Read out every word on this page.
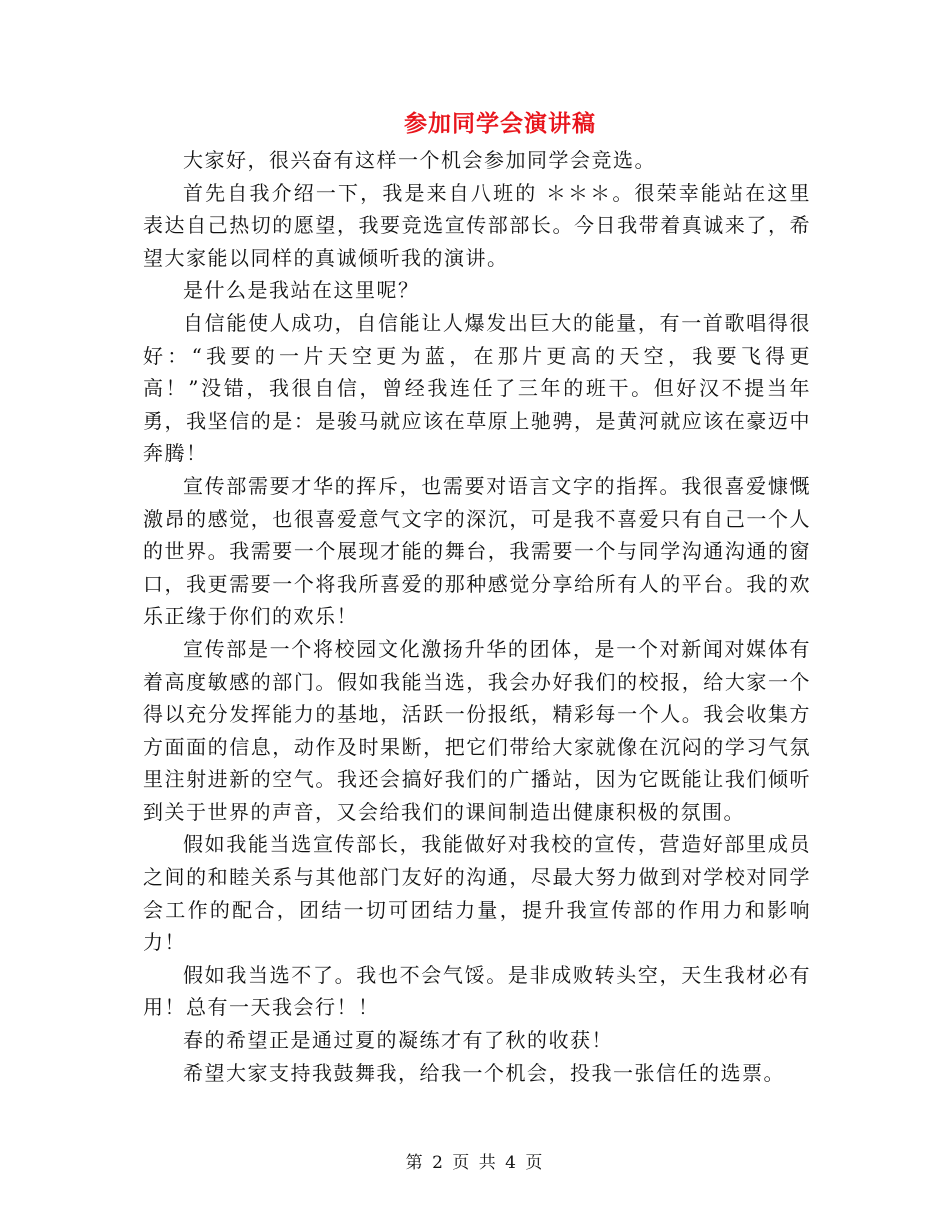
参加同学会演讲稿

大家好，很兴奋有这样一个机会参加同学会竞选。

首先自我介绍一下，我是来自八班的 ＊＊＊。很荣幸能站在这里表达自己热切的愿望，我要竞选宣传部部长。今日我带着真诚来了，希望大家能以同样的真诚倾听我的演讲。

是什么是我站在这里呢？

自信能使人成功，自信能让人爆发出巨大的能量，有一首歌唱得很好：“我要的一片天空更为蓝，在那片更高的天空，我要飞得更高！”没错，我很自信，曾经我连任了三年的班干。但好汉不提当年勇，我坚信的是：是骏马就应该在草原上驰骋，是黄河就应该在豪迈中奔腾！

宣传部需要才华的挥斥，也需要对语言文字的指挥。我很喜爱慷慨激昂的感觉，也很喜爱意气文字的深沉，可是我不喜爱只有自己一个人的世界。我需要一个展现才能的舞台，我需要一个与同学沟通沟通的窗口，我更需要一个将我所喜爱的那种感觉分享给所有人的平台。我的欢乐正缘于你们的欢乐！

宣传部是一个将校园文化激扬升华的团体，是一个对新闻对媒体有着高度敏感的部门。假如我能当选，我会办好我们的校报，给大家一个得以充分发挥能力的基地，活跃一份报纸，精彩每一个人。我会收集方方面面的信息，动作及时果断，把它们带给大家就像在沉闷的学习气氛里注射进新的空气。我还会搞好我们的广播站，因为它既能让我们倾听到关于世界的声音，又会给我们的课间制造出健康积极的氛围。

假如我能当选宣传部长，我能做好对我校的宣传，营造好部里成员之间的和睦关系与其他部门友好的沟通，尽最大努力做到对学校对同学会工作的配合，团结一切可团结力量，提升我宣传部的作用力和影响力！

假如我当选不了。我也不会气馁。是非成败转头空，天生我材必有用！总有一天我会行！！

春的希望正是通过夏的凝练才有了秋的收获！

希望大家支持我鼓舞我，给我一个机会，投我一张信任的选票。

第 2 页 共 4 页
